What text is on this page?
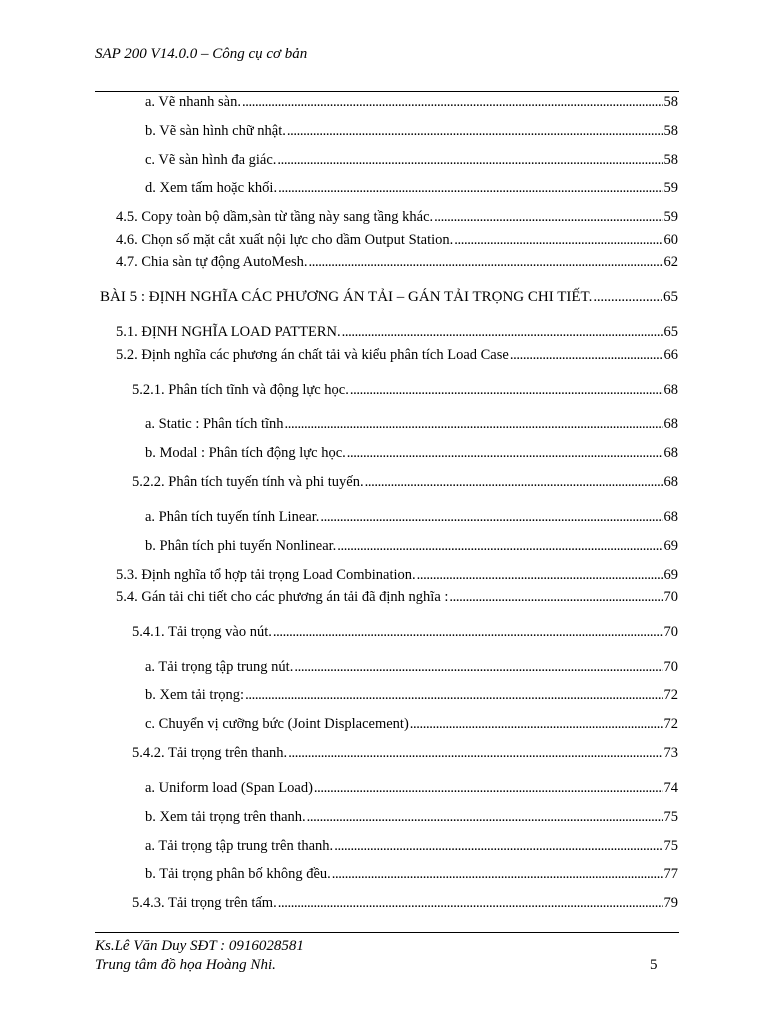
SAP 200 V14.0.0 – Công cụ cơ bản
a. Vẽ nhanh sàn. . . .	58
b. Vẽ sàn hình chữ nhật. . . .	58
c. Vẽ sàn hình đa giác. . . .	58
d. Xem tấm hoặc khối. . . .	59
4.5. Copy toàn bộ dầm,sàn từ tầng này sang tầng khác. . . .	59
4.6. Chọn số mặt cắt xuất nội lực cho dầm Output Station. . . .	60
4.7. Chia sàn tự động AutoMesh. . . .	62
BÀI 5 : ĐỊNH NGHĨA CÁC PHƯƠNG ÁN TẢI – GÁN TẢI TRỌNG CHI TIẾT. . . .	65
5.1. ĐỊNH NGHĨA LOAD PATTERN. . . .	65
5.2. Định nghĩa các phương án chất tải và kiểu phân tích Load Case . . .	66
5.2.1. Phân tích tĩnh và động lực học. . . .	68
a. Static : Phân tích tĩnh . . .	68
b. Modal : Phân tích động lực học. . . .	68
5.2.2. Phân tích tuyến tính và phi tuyến. . . .	68
a. Phân tích tuyến tính Linear. . . .	68
b. Phân tích phi tuyến Nonlinear. . . .	69
5.3. Định nghĩa tổ hợp tải trọng Load Combination. . . .	69
5.4. Gán tải chi tiết cho các phương án tải đã định nghĩa : . . .	70
5.4.1. Tải trọng vào nút. . . .	70
a. Tải trọng tập trung nút. . . .	70
b. Xem tải trọng: . . .	72
c. Chuyển vị cưỡng bức (Joint Displacement) . . .	72
5.4.2. Tải trọng trên thanh. . . .	73
a. Uniform load (Span Load) . . .	74
b. Xem tải trọng trên thanh. . . .	75
a. Tải trọng tập trung trên thanh. . . .	75
b. Tải trọng phân bố không đều. . . .	77
5.4.3. Tải trọng trên tấm. . . .	79
Ks.Lê Văn Duy SĐT : 0916028581
Trung tâm đồ họa Hoàng Nhi.	5
